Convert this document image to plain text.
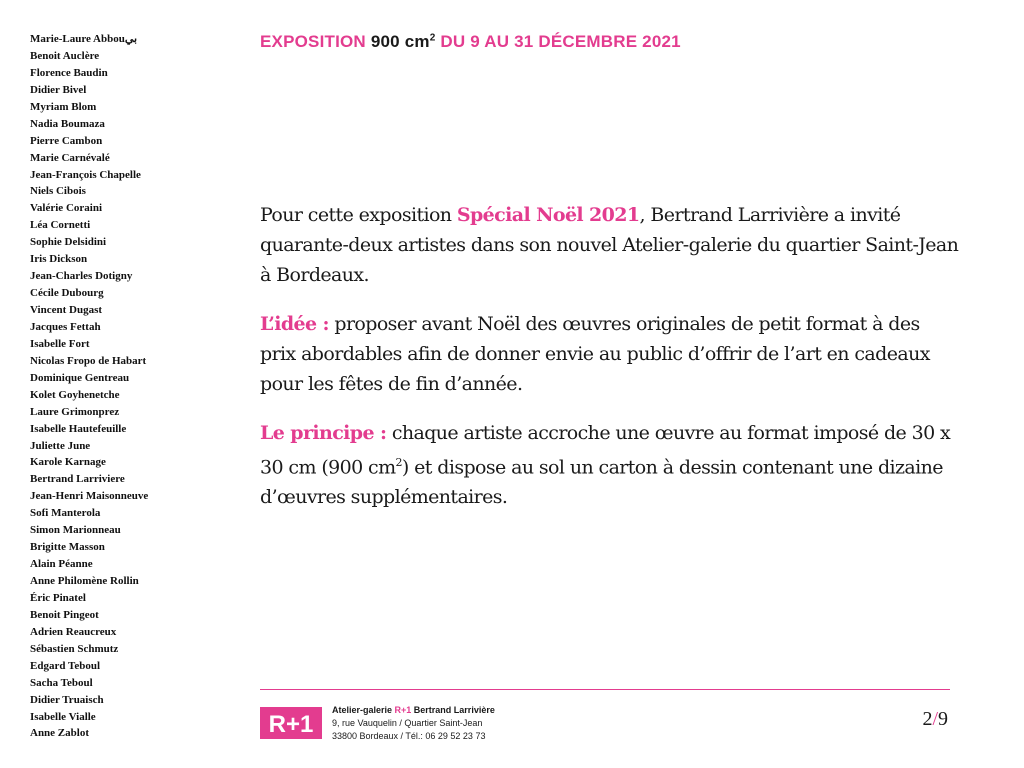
Marie-Laure Abbouبي
Benoit Auclère
Florence Baudin
Didier Bivel
Myriam Blom
Nadia Boumaza
Pierre Cambon
Marie Carnévalé
Jean-François Chapelle
Niels Cibois
Valérie Coraini
Léa Cornetti
Sophie Delsidini
Iris Dickson
Jean-Charles Dotigny
Cécile Dubourg
Vincent Dugast
Jacques Fettah
Isabelle Fort
Nicolas Fropo de Habart
Dominique Gentreau
Kolet Goyhenetche
Laure Grimonprez
Isabelle Hautefeuille
Juliette June
Karole Karnage
Bertrand Larriviere
Jean-Henri Maisonneuve
Sofi Manterola
Simon Marionneau
Brigitte Masson
Alain Péanne
Anne Philomène Rollin
Éric Pinatel
Benoit Pingeot
Adrien Reaucreux
Sébastien Schmutz
Edgard Teboul
Sacha Teboul
Didier Truaisch
Isabelle Vialle
Anne Zablot
EXPOSITION 900 $cm^2$ DU 9 AU 31 DÉCEMBRE 2021

Pour cette exposition Spécial Noël 2021, Bertrand Larrivière a invité quarante-deux artistes dans son nouvel Atelier-galerie du quartier Saint-Jean à Bordeaux.

L’idée : proposer avant Noël des œuvres originales de petit format à des prix abordables afin de donner envie au public d’offrir de l’art en cadeaux pour les fêtes de fin d’année.

Le principe : chaque artiste accroche une œuvre au format imposé de 30 x 30 cm (900 $cm^2$) et dispose au sol un carton à dessin contenant une dizaine d’œuvres supplémentaires.

R+1
Atelier-galerie R+1 Bertrand Larrivière
9, rue Vauquelin / Quartier Saint-Jean
33800 Bordeaux / Tél.: 06 29 52 23 73
2/9
